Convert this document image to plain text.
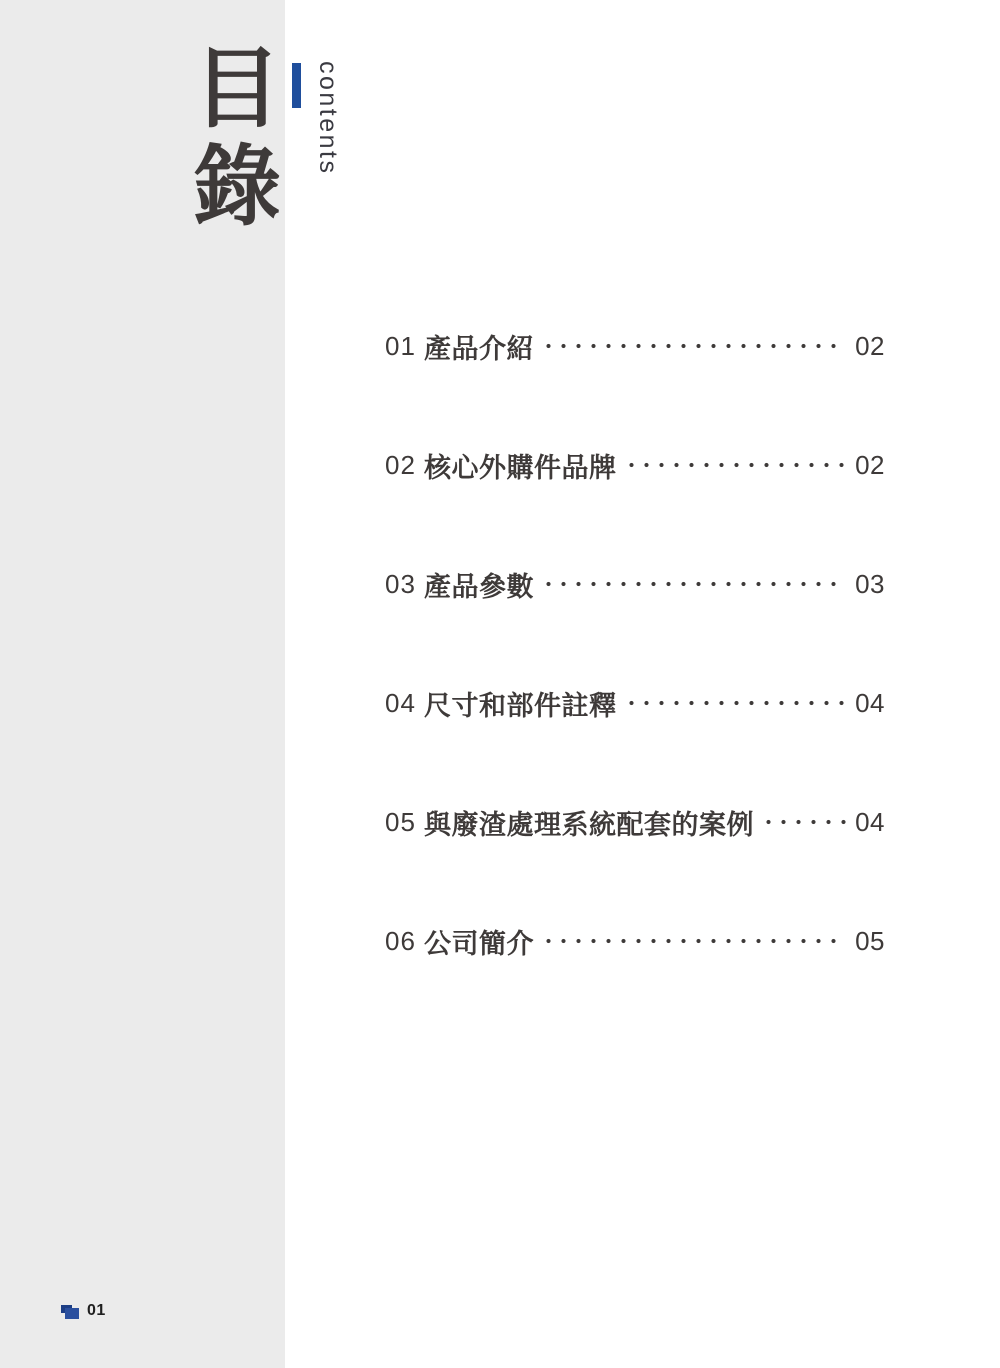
目
錄
contents
01 產品介紹	02
02 核心外購件品牌	02
03 產品參數	03
04 尺寸和部件註釋	04
05 與廢渣處理系統配套的案例	04
06 公司簡介	05
01
